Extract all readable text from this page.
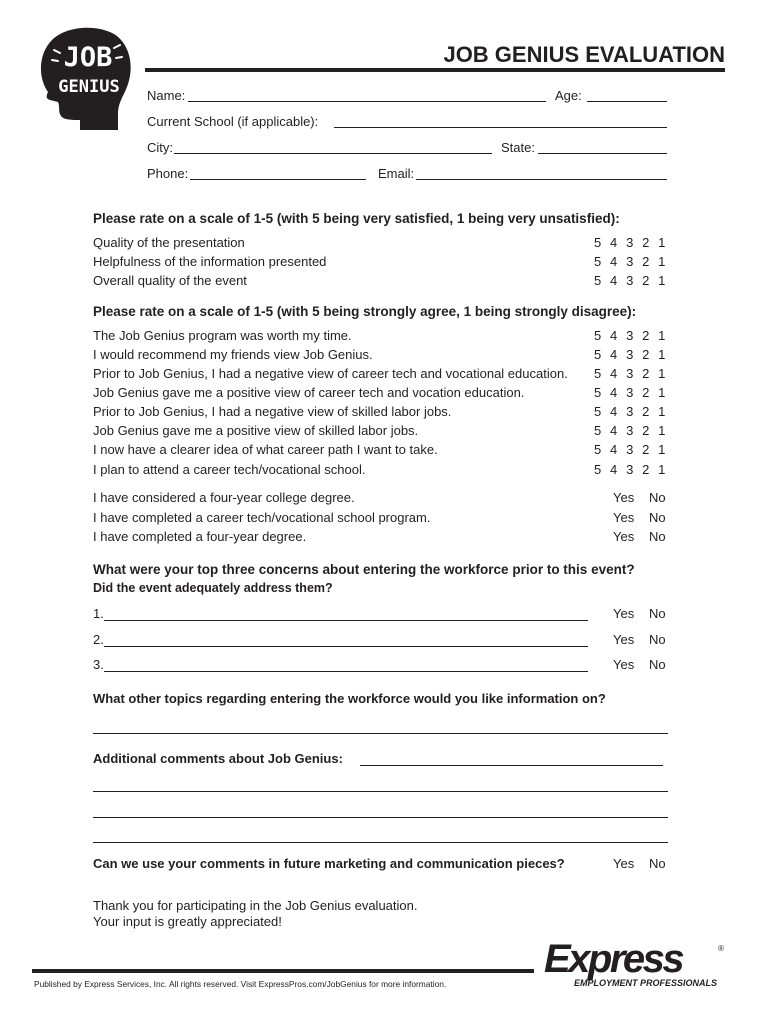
JOB
GENIUS
JOB GENIUS EVALUATION
Name:	Age:
Current School (if applicable):
City:	State:
Phone:	Email:
Please rate on a scale of 1-5 (with 5 being very satisfied, 1 being very unsatisfied):
Quality of the presentation	5 4 3 2 1
Helpfulness of the information presented	5 4 3 2 1
Overall quality of the event	5 4 3 2 1
Please rate on a scale of 1-5 (with 5 being strongly agree, 1 being strongly disagree):
The Job Genius program was worth my time.	5 4 3 2 1
I would recommend my friends view Job Genius.	5 4 3 2 1
Prior to Job Genius, I had a negative view of career tech and vocational education. 5 4 3 2 1
Job Genius gave me a positive view of career tech and vocation education.	5 4 3 2 1
Prior to Job Genius, I had a negative view of skilled labor jobs.	5 4 3 2 1
Job Genius gave me a positive view of skilled labor jobs.	5 4 3 2 1
I now have a clearer idea of what career path I want to take.	5 4 3 2 1
I plan to attend a career tech/vocational school.	5 4 3 2 1
I have considered a four-year college degree.	Yes No
I have completed a career tech/vocational school program.	Yes No
I have completed a four-year degree.	Yes No
What were your top three concerns about entering the workforce prior to this event?
Did the event adequately address them?
1.	Yes No
2.	Yes No
3.	Yes No
What other topics regarding entering the workforce would you like information on?
Additional comments about Job Genius:
Can we use your comments in future marketing and communication pieces?	Yes No
Thank you for participating in the Job Genius evaluation.
Your input is greatly appreciated!
Published by Express Services, Inc. All rights reserved. Visit ExpressPros.com/JobGenius for more information.
Express	®
EMPLOYMENT PROFESSIONALS
